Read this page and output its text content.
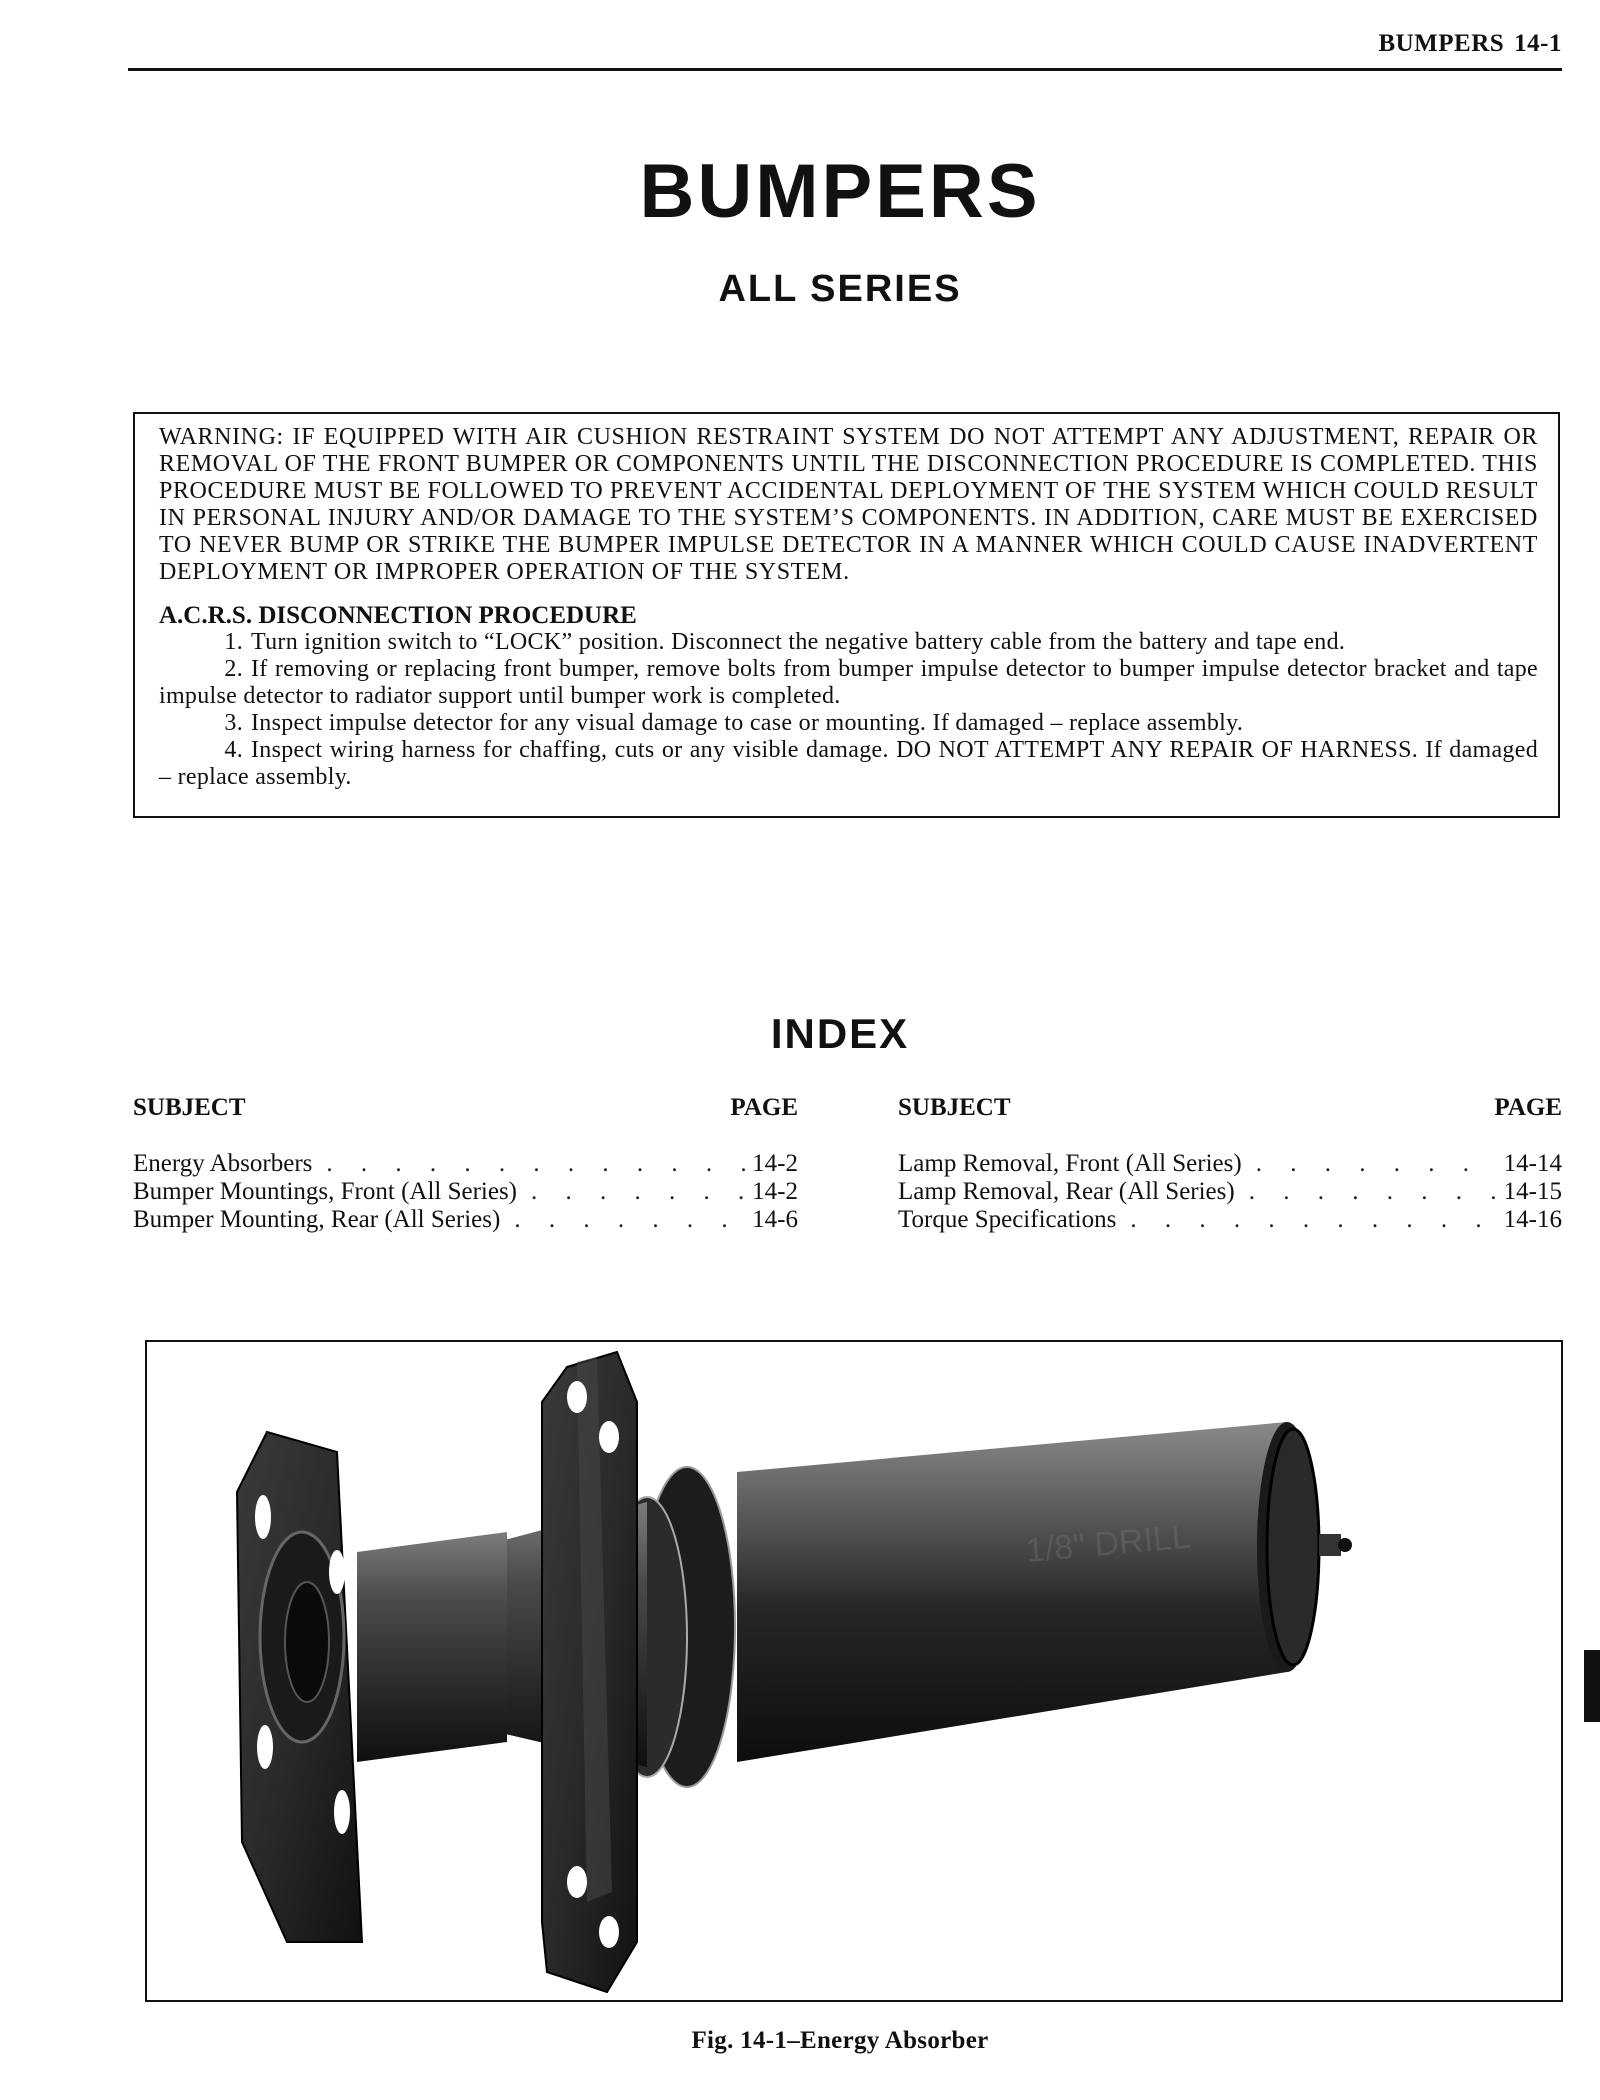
BUMPERS 14-1
BUMPERS
ALL SERIES

WARNING: IF EQUIPPED WITH AIR CUSHION RESTRAINT SYSTEM DO NOT ATTEMPT ANY ADJUSTMENT, REPAIR OR REMOVAL OF THE FRONT BUMPER OR COMPONENTS UNTIL THE DISCONNECTION PROCEDURE IS COMPLETED. THIS PROCEDURE MUST BE FOLLOWED TO PREVENT ACCIDENTAL DEPLOYMENT OF THE SYSTEM WHICH COULD RESULT IN PERSONAL INJURY AND/OR DAMAGE TO THE SYSTEM’S COMPONENTS. IN ADDITION, CARE MUST BE EXERCISED TO NEVER BUMP OR STRIKE THE BUMPER IMPULSE DETECTOR IN A MANNER WHICH COULD CAUSE INADVERTENT DEPLOYMENT OR IMPROPER OPERATION OF THE SYSTEM.

A.C.R.S. DISCONNECTION PROCEDURE

1. Turn ignition switch to “LOCK” position. Disconnect the negative battery cable from the battery and tape end.

2. If removing or replacing front bumper, remove bolts from bumper impulse detector to bumper impulse detector bracket and tape impulse detector to radiator support until bumper work is completed.

3. Inspect impulse detector for any visual damage to case or mounting. If damaged – replace assembly.

4. Inspect wiring harness for chaffing, cuts or any visible damage. DO NOT ATTEMPT ANY REPAIR OF HARNESS. If damaged – replace assembly.

INDEX
SUBJECT	PAGE
Energy Absorbers . . .	14-2
Bumper Mountings, Front (All Series) . . .	14-2
Bumper Mounting, Rear (All Series) . . .	14-6
SUBJECT	PAGE
Lamp Removal, Front (All Series) . . .	14-14
Lamp Removal, Rear (All Series) . . .	14-15
Torque Specifications . . .	14-16
1/8" DRILL
Fig. 14-1–Energy Absorber
